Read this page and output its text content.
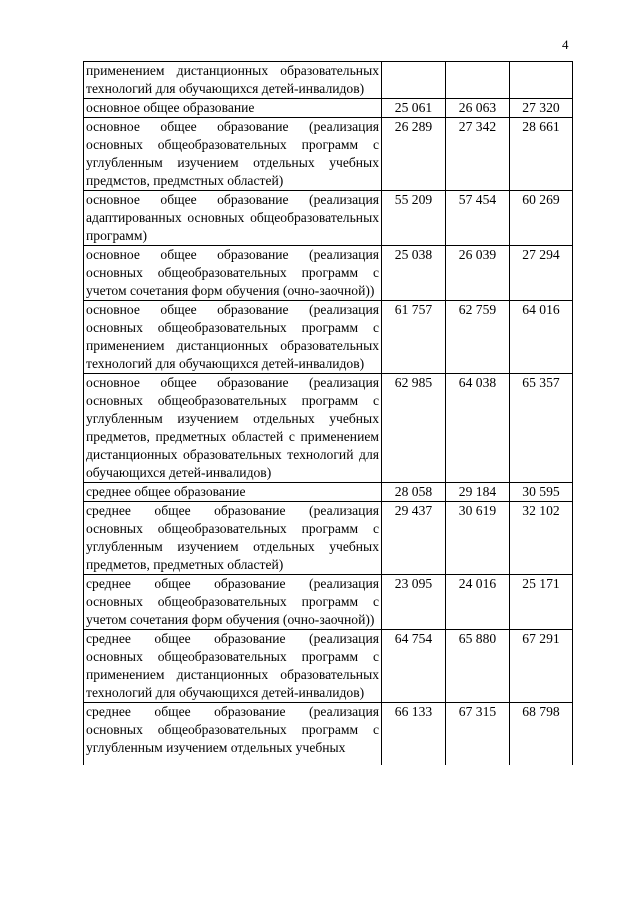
4
применением дистанционных образовательных технологий для обучающихся детей-инвалидов)			
основное общее образование	25 061	26 063	27 320
основное общее образование (реализация основных общеобразовательных программ с углубленным изучением отдельных учебных предмстов, предмстных областей)	26 289	27 342	28 661
основное общее образование (реализация адаптированных основных общеобразовательных программ)	55 209	57 454	60 269
основное общее образование (реализация основных общеобразовательных программ с учетом сочетания форм обучения (очно-заочной))	25 038	26 039	27 294
основное общее образование (реализация основных общеобразовательных программ с применением дистанционных образовательных технологий для обучающихся детей-инвалидов)	61 757	62 759	64 016
основное общее образование (реализация основных общеобразовательных программ с углубленным изучением отдельных учебных предметов, предметных областей с применением дистанционных образовательных технологий для обучающихся детей-инвалидов)	62 985	64 038	65 357
среднее общее образование	28 058	29 184	30 595
среднее общее образование (реализация основных общеобразовательных программ с углубленным изучением отдельных учебных предметов, предметных областей)	29 437	30 619	32 102
среднее общее образование (реализация основных общеобразовательных программ с учетом сочетания форм обучения (очно-заочной))	23 095	24 016	25 171
среднее общее образование (реализация основных общеобразовательных программ с применением дистанционных образовательных технологий для обучающихся детей-инвалидов)	64 754	65 880	67 291

среднее общее образование (реализация основных общеобразовательных программ с углубленным изучением отдельных учебных	66 133	67 315	68 798
